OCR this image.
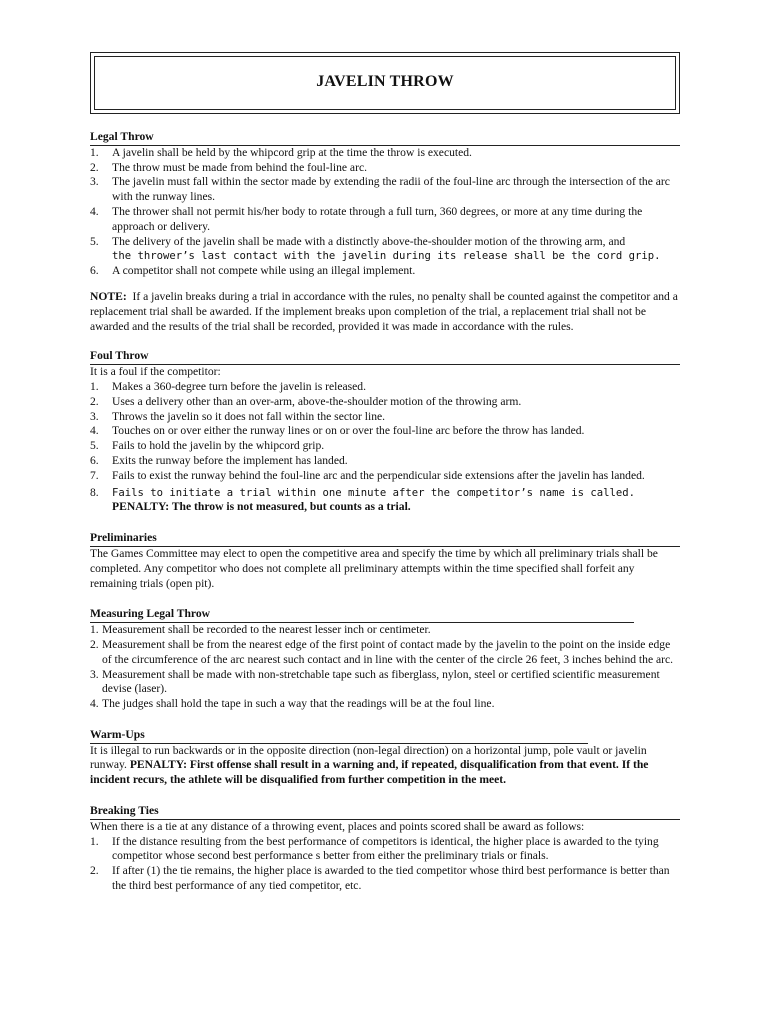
JAVELIN THROW
Legal Throw
1.	A javelin shall be held by the whipcord grip at the time the throw is executed.
2.	The throw must be made from behind the foul-line arc.
3.	The javelin must fall within the sector made by extending the radii of the foul-line arc through the intersection of the arc with the runway lines.
4.	The thrower shall not permit his/her body to rotate through a full turn, 360 degrees, or more at any time during the approach or delivery.
5.	The delivery of the javelin shall be made with a distinctly above-the-shoulder motion of the throwing arm, and
the thrower’s last contact with the javelin during its release shall be the cord grip.
6.	A competitor shall not compete while using an illegal implement.

NOTE: If a javelin breaks during a trial in accordance with the rules, no penalty shall be counted against the competitor and a replacement trial shall be awarded. If the implement breaks upon completion of the trial, a replacement trial shall not be awarded and the results of the trial shall be recorded, provided it was made in accordance with the rules.

Foul Throw

It is a foul if the competitor:

1.	Makes a 360-degree turn before the javelin is released.
2.	Uses a delivery other than an over-arm, above-the-shoulder motion of the throwing arm.
3.	Throws the javelin so it does not fall within the sector line.
4.	Touches on or over either the runway lines or on or over the foul-line arc before the throw has landed.
5.	Fails to hold the javelin by the whipcord grip.
6.	Exits the runway before the implement has landed.
7.	Fails to exist the runway behind the foul-line arc and the perpendicular side extensions after the javelin has landed.
8.	Fails to initiate a trial within one minute after the competitor’s name is called.

PENALTY: The throw is not measured, but counts as a trial.

Preliminaries

The Games Committee may elect to open the competitive area and specify the time by which all preliminary trials shall be completed. Any competitor who does not complete all preliminary attempts within the time specified shall forfeit any remaining trials (open pit).

Measuring Legal Throw
1. Measurement shall be recorded to the nearest lesser inch or centimeter.
2. Measurement shall be from the nearest edge of the first point of contact made by the javelin to the point on the inside edge of the circumference of the arc nearest such contact and in line with the center of the circle 26 feet, 3 inches behind the arc.
3. Measurement shall be made with non-stretchable tape such as fiberglass, nylon, steel or certified scientific measurement devise (laser).
4. The judges shall hold the tape in such a way that the readings will be at the foul line.
Warm-Ups

It is illegal to run backwards or in the opposite direction (non-legal direction) on a horizontal jump, pole vault or javelin runway. PENALTY: First offense shall result in a warning and, if repeated, disqualification from that event. If the incident recurs, the athlete will be disqualified from further competition in the meet.

Breaking Ties

When there is a tie at any distance of a throwing event, places and points scored shall be award as follows:

1.	If the distance resulting from the best performance of competitors is identical, the higher place is awarded to the tying competitor whose second best performance s better from either the preliminary trials or finals.
2.	If after (1) the tie remains, the higher place is awarded to the tied competitor whose third best performance is better than the third best performance of any tied competitor, etc.
